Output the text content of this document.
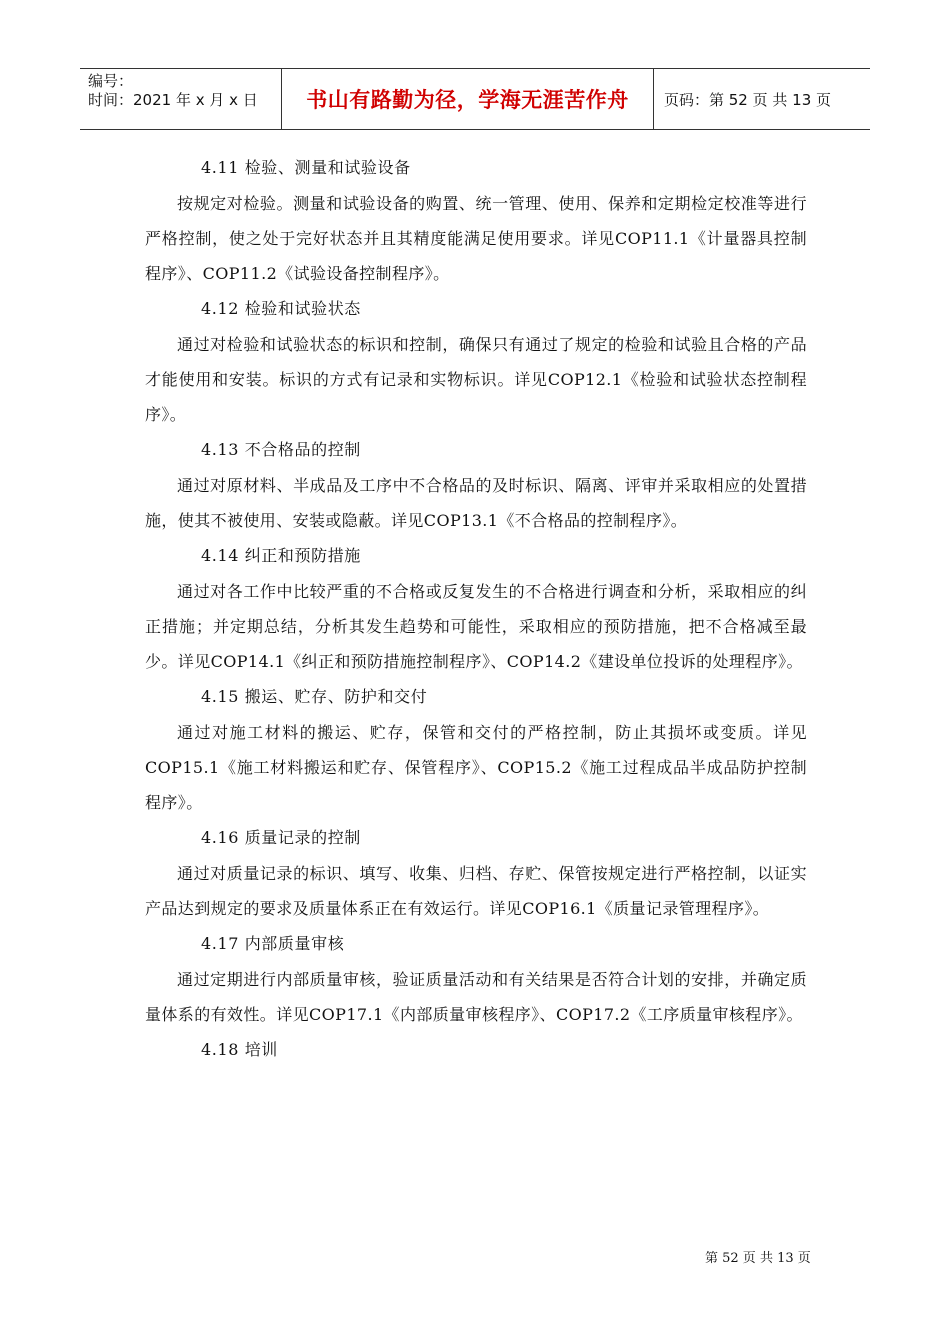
编号：
时间：2021 年 x 月 x 日 书山有路勤为径，学海无涯苦作舟 页码：第 52 页 共 13 页
4.11 检验、测量和试验设备
按规定对检验。测量和试验设备的购置、统一管理、使用、保养和定期检定校准等进行严格控制，使之处于完好状态并且其精度能满足使用要求。详见COP11.1《计量器具控制程序》、COP11.2《试验设备控制程序》。
4.12 检验和试验状态
通过对检验和试验状态的标识和控制，确保只有通过了规定的检验和试验且合格的产品才能使用和安装。标识的方式有记录和实物标识。详见COP12.1《检验和试验状态控制程序》。
4.13 不合格品的控制
通过对原材料、半成品及工序中不合格品的及时标识、隔离、评审并采取相应的处置措施，使其不被使用、安装或隐蔽。详见COP13.1《不合格品的控制程序》。
4.14 纠正和预防措施
通过对各工作中比较严重的不合格或反复发生的不合格进行调查和分析，采取相应的纠正措施；并定期总结，分析其发生趋势和可能性，采取相应的预防措施，把不合格减至最少。详见COP14.1《纠正和预防措施控制程序》、COP14.2《建设单位投诉的处理程序》。
4.15 搬运、贮存、防护和交付
通过对施工材料的搬运、贮存，保管和交付的严格控制，防止其损坏或变质。详见COP15.1《施工材料搬运和贮存、保管程序》、COP15.2《施工过程成品半成品防护控制程序》。
4.16 质量记录的控制
通过对质量记录的标识、填写、收集、归档、存贮、保管按规定进行严格控制，以证实产品达到规定的要求及质量体系正在有效运行。详见COP16.1《质量记录管理程序》。
4.17 内部质量审核
通过定期进行内部质量审核，验证质量活动和有关结果是否符合计划的安排，并确定质量体系的有效性。详见COP17.1《内部质量审核程序》、COP17.2《工序质量审核程序》。
4.18 培训
第 52 页 共 13 页
